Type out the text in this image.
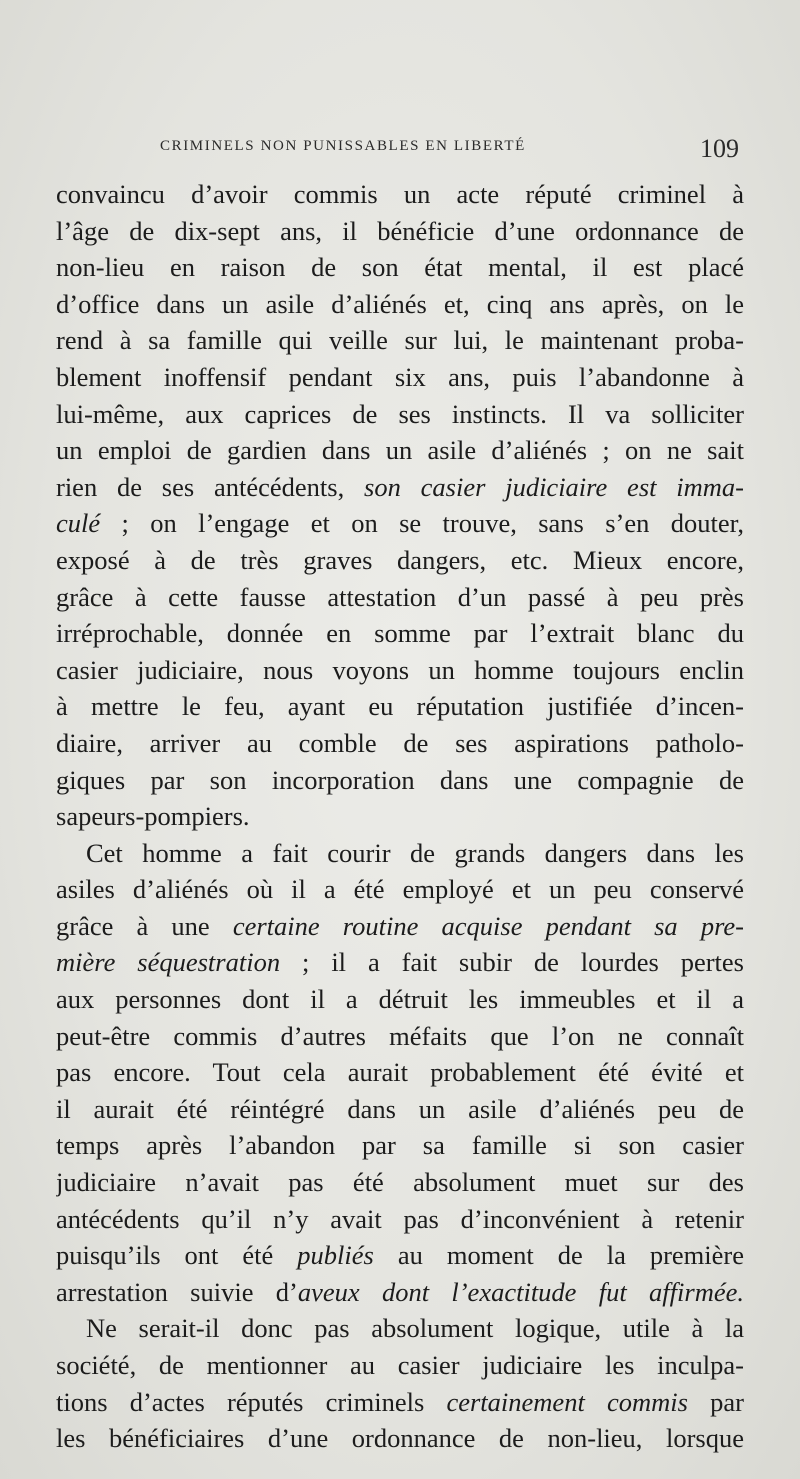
CRIMINELS NON PUNISSABLES EN LIBERTÉ	109
convaincu d’avoir commis un acte réputé criminel à
l’âge de dix-sept ans, il bénéficie d’une ordonnance de
non-lieu en raison de son état mental, il est placé
d’office dans un asile d’aliénés et, cinq ans après, on le
rend à sa famille qui veille sur lui, le maintenant proba-
blement inoffensif pendant six ans, puis l’abandonne à
lui-même, aux caprices de ses instincts. Il va solliciter
un emploi de gardien dans un asile d’aliénés ; on ne sait
rien de ses antécédents, son casier judiciaire est imma-
culé ; on l’engage et on se trouve, sans s’en douter,
exposé à de très graves dangers, etc. Mieux encore,
grâce à cette fausse attestation d’un passé à peu près
irréprochable, donnée en somme par l’extrait blanc du
casier judiciaire, nous voyons un homme toujours enclin
à mettre le feu, ayant eu réputation justifiée d’incen-
diaire, arriver au comble de ses aspirations patholo-
giques par son incorporation dans une compagnie de
sapeurs-pompiers.
Cet homme a fait courir de grands dangers dans les
asiles d’aliénés où il a été employé et un peu conservé
grâce à une certaine routine acquise pendant sa pre-
mière séquestration ; il a fait subir de lourdes pertes
aux personnes dont il a détruit les immeubles et il a
peut-être commis d’autres méfaits que l’on ne connaît
pas encore. Tout cela aurait probablement été évité et
il aurait été réintégré dans un asile d’aliénés peu de
temps après l’abandon par sa famille si son casier
judiciaire n’avait pas été absolument muet sur des
antécédents qu’il n’y avait pas d’inconvénient à retenir
puisqu’ils ont été publiés au moment de la première
arrestation suivie d’aveux dont l’exactitude fut affirmée.
Ne serait-il donc pas absolument logique, utile à la
société, de mentionner au casier judiciaire les inculpa-
tions d’actes réputés criminels certainement commis par
les bénéficiaires d’une ordonnance de non-lieu, lorsque
